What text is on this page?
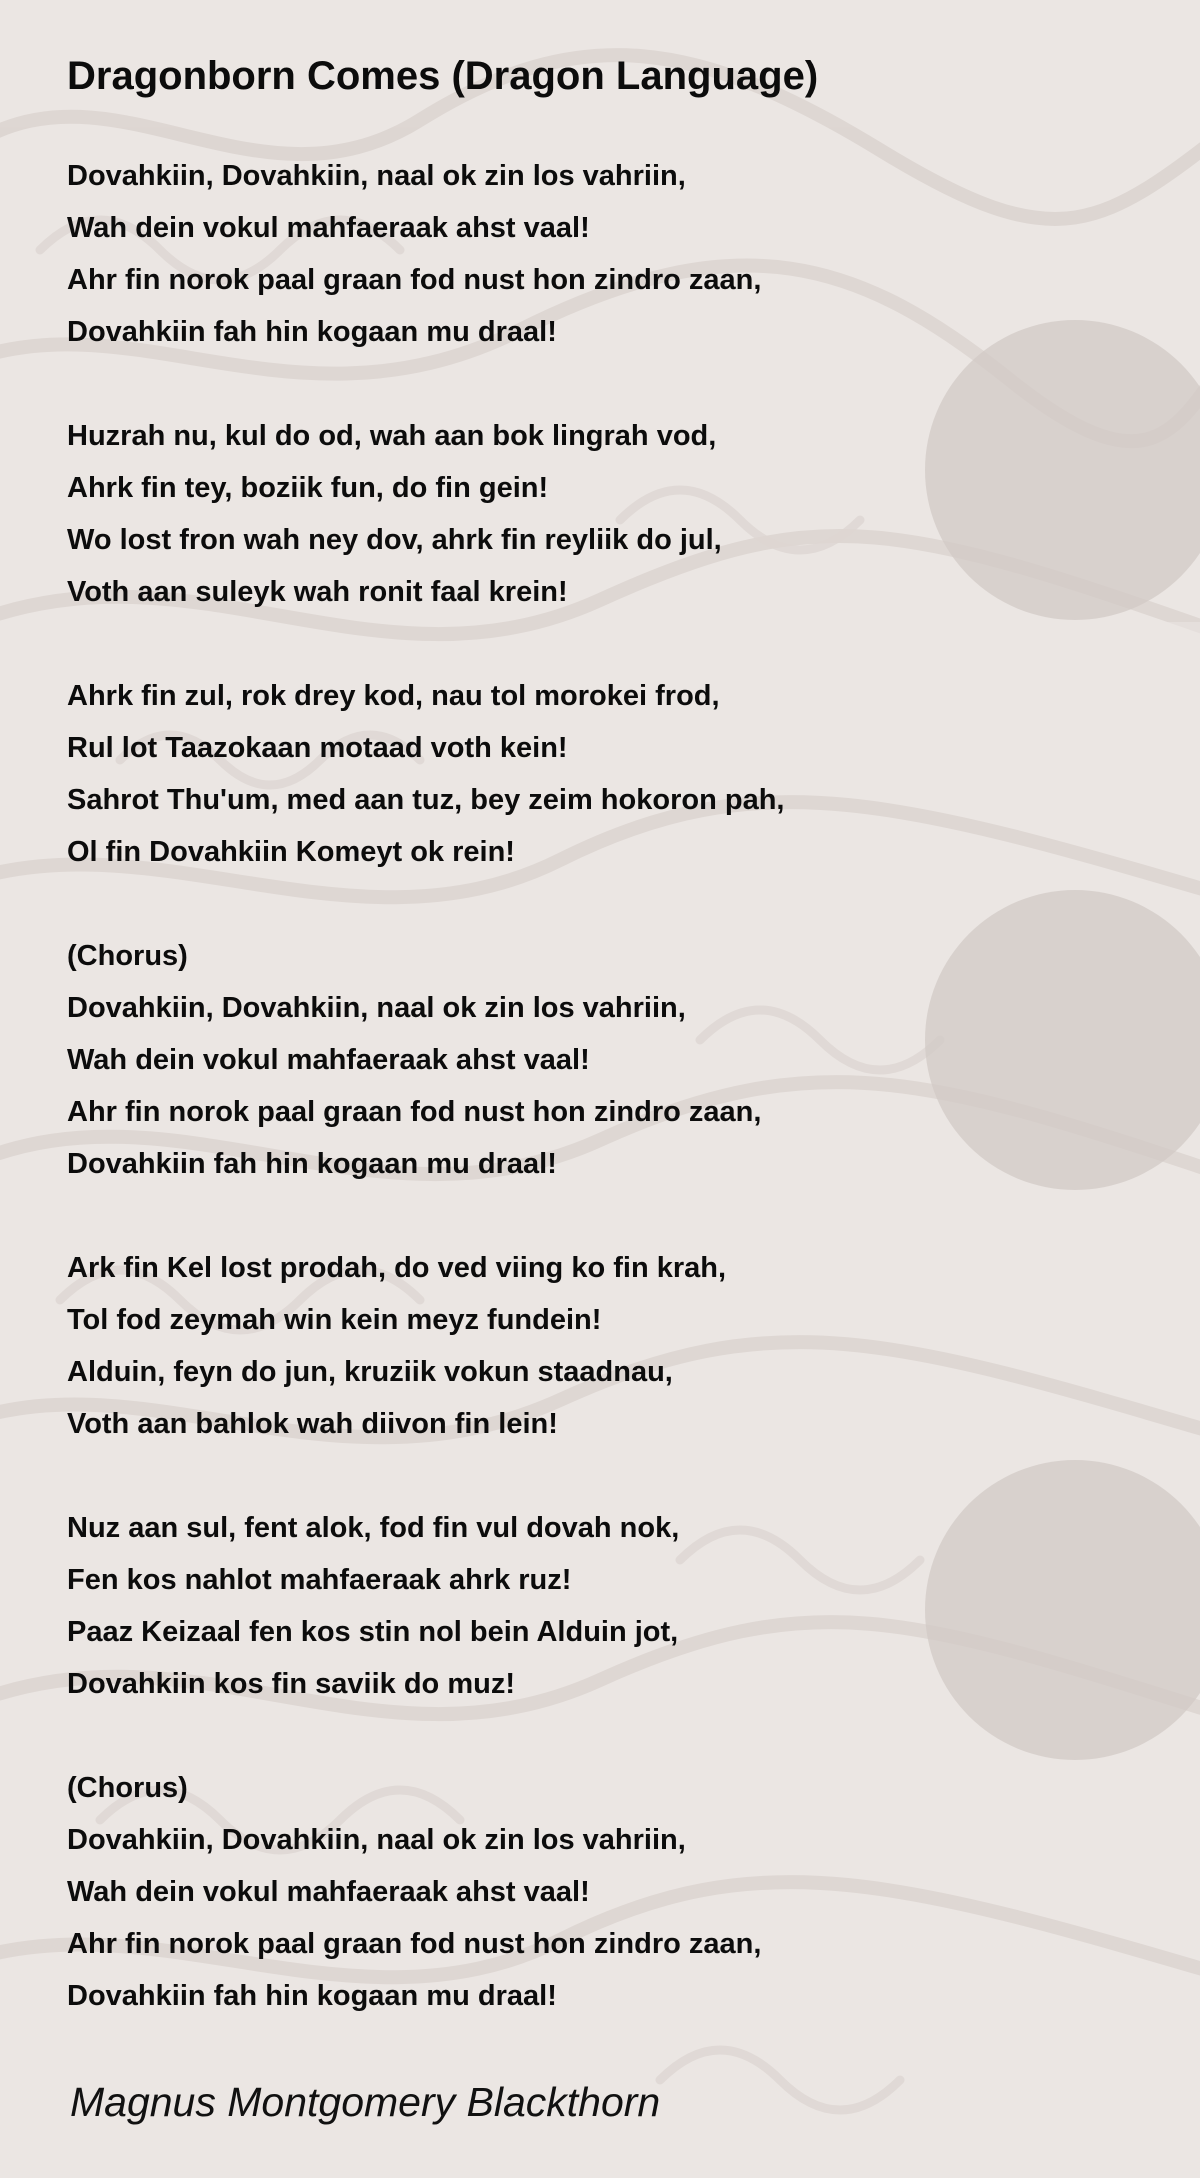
Dragonborn Comes (Dragon Language)
Dovahkiin, Dovahkiin, naal ok zin los vahriin,
Wah dein vokul mahfaeraak ahst vaal!
Ahr fin norok paal graan fod nust hon zindro zaan,
Dovahkiin fah hin kogaan mu draal!
Huzrah nu, kul do od, wah aan bok lingrah vod,
Ahrk fin tey, boziik fun, do fin gein!
Wo lost fron wah ney dov, ahrk fin reyliik do jul,
Voth aan suleyk wah ronit faal krein!
Ahrk fin zul, rok drey kod, nau tol morokei frod,
Rul lot Taazokaan motaad voth kein!
Sahrot Thu'um, med aan tuz, bey zeim hokoron pah,
Ol fin Dovahkiin Komeyt ok rein!
(Chorus)
Dovahkiin, Dovahkiin, naal ok zin los vahriin,
Wah dein vokul mahfaeraak ahst vaal!
Ahr fin norok paal graan fod nust hon zindro zaan,
Dovahkiin fah hin kogaan mu draal!
Ark fin Kel lost prodah, do ved viing ko fin krah,
Tol fod zeymah win kein meyz fundein!
Alduin, feyn do jun, kruziik vokun staadnau,
Voth aan bahlok wah diivon fin lein!
Nuz aan sul, fent alok, fod fin vul dovah nok,
Fen kos nahlot mahfaeraak ahrk ruz!
Paaz Keizaal fen kos stin nol bein Alduin jot,
Dovahkiin kos fin saviik do muz!
(Chorus)
Dovahkiin, Dovahkiin, naal ok zin los vahriin,
Wah dein vokul mahfaeraak ahst vaal!
Ahr fin norok paal graan fod nust hon zindro zaan,
Dovahkiin fah hin kogaan mu draal!

Magnus Montgomery Blackthorn
